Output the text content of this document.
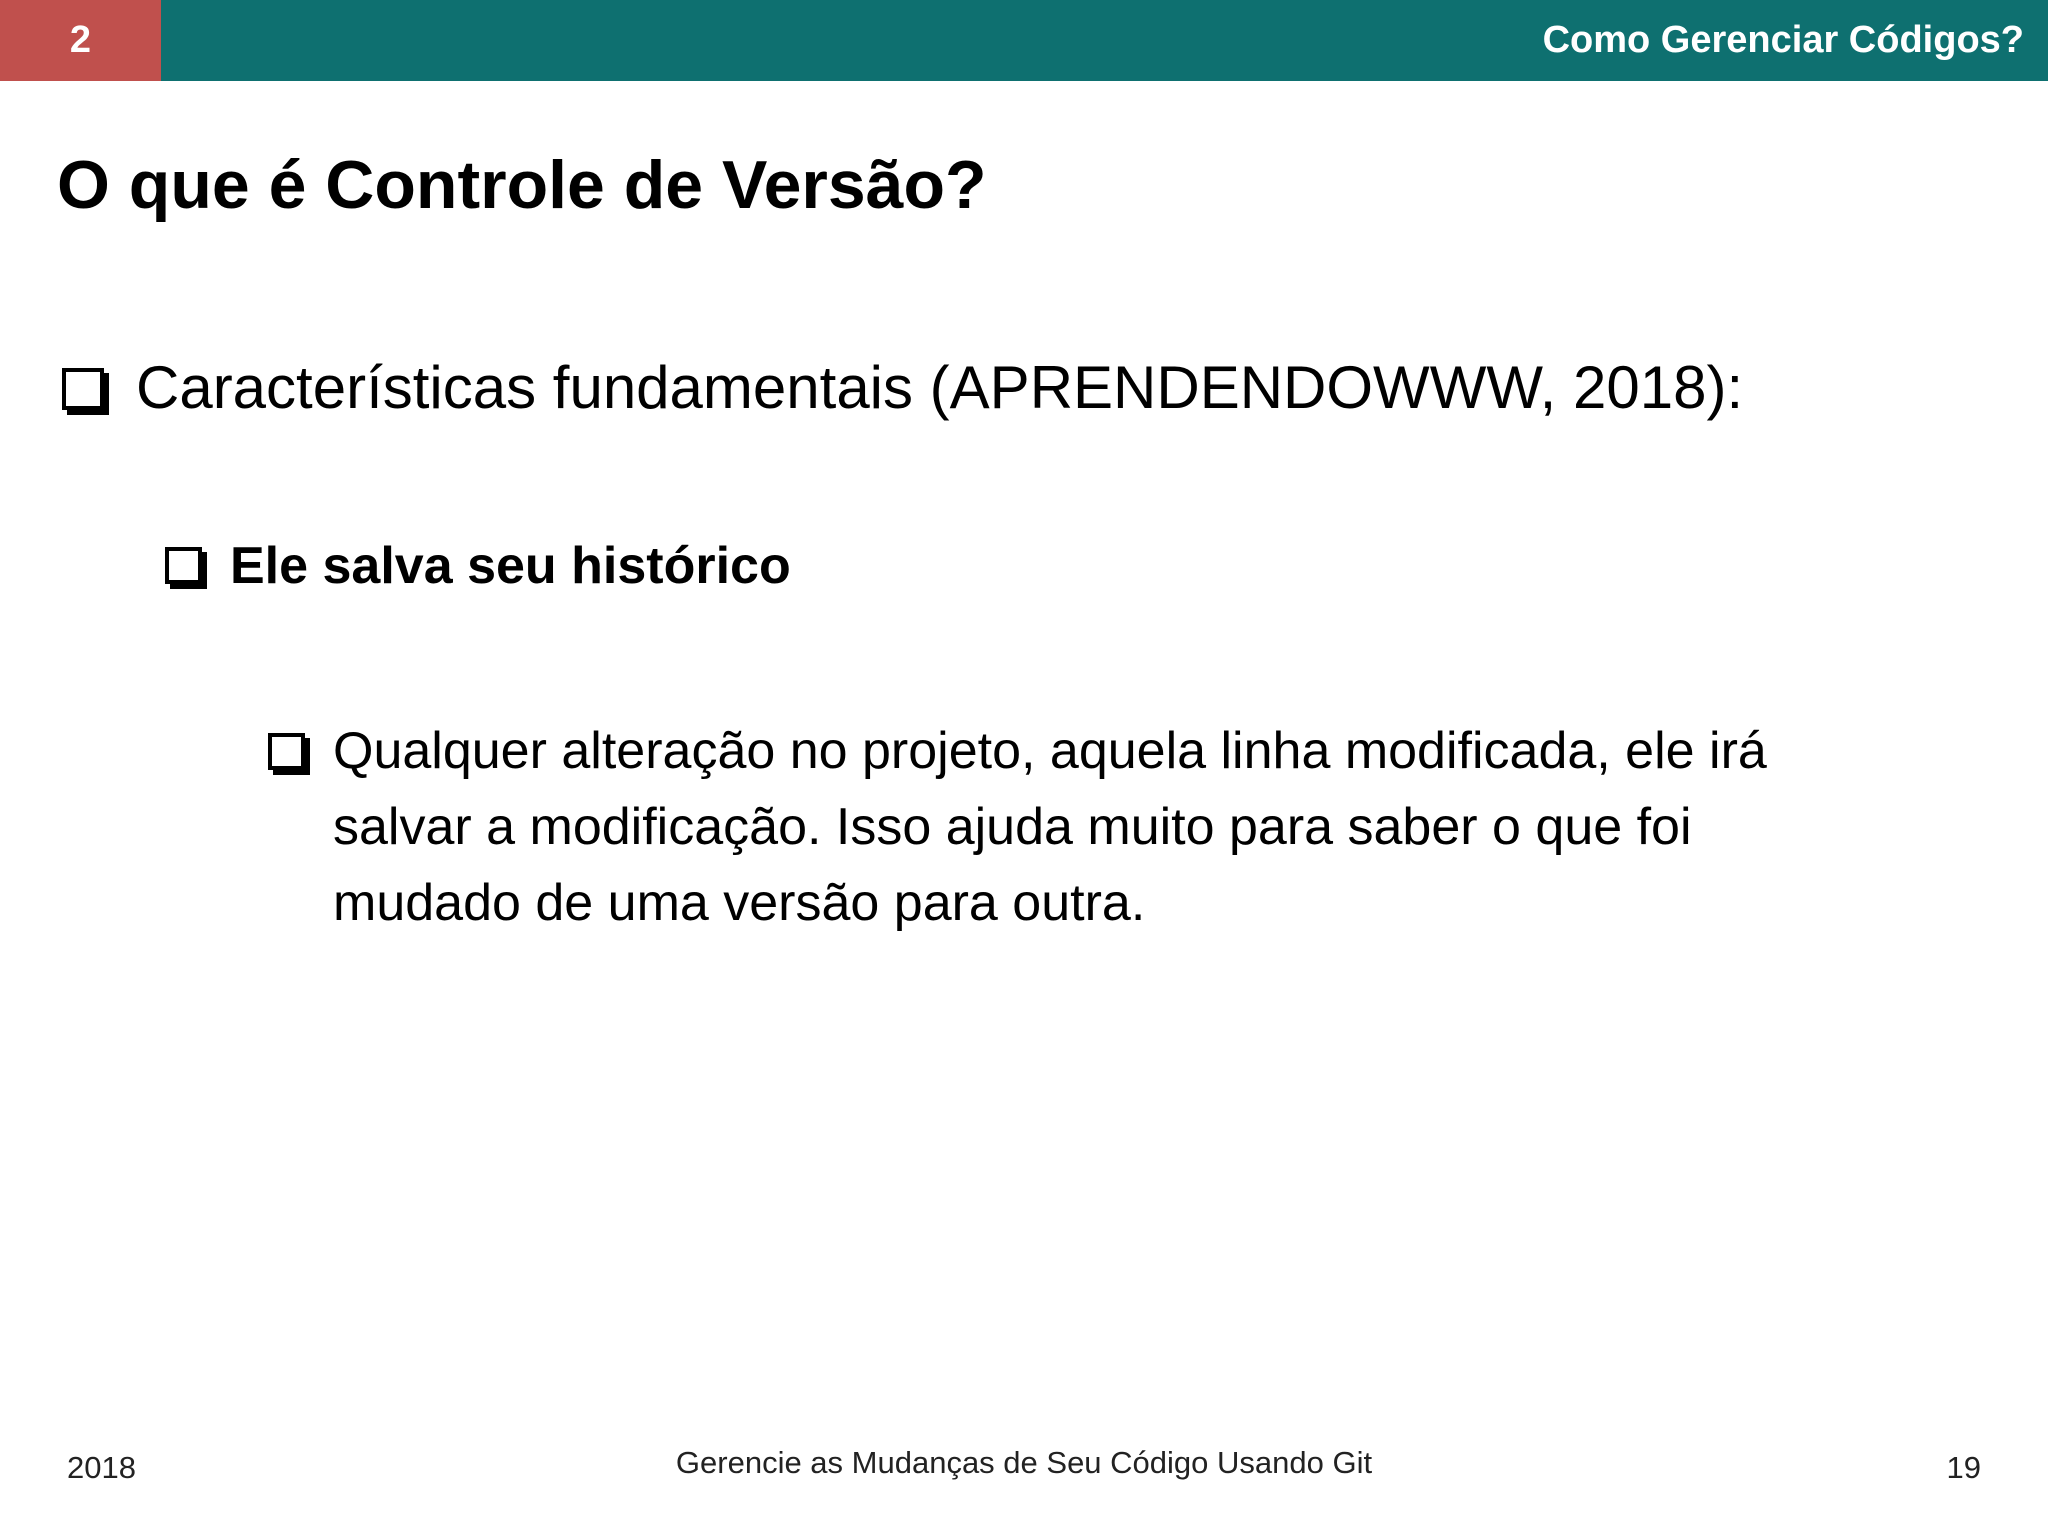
2	Como Gerenciar Códigos?
O que é Controle de Versão?
Características fundamentais (APRENDENDOWWW, 2018):
Ele salva seu histórico
Qualquer alteração no projeto, aquela linha modificada, ele irá
salvar a modificação. Isso ajuda muito para saber o que foi
mudado de uma versão para outra.
2018	Gerencie as Mudanças de Seu Código Usando Git	19
